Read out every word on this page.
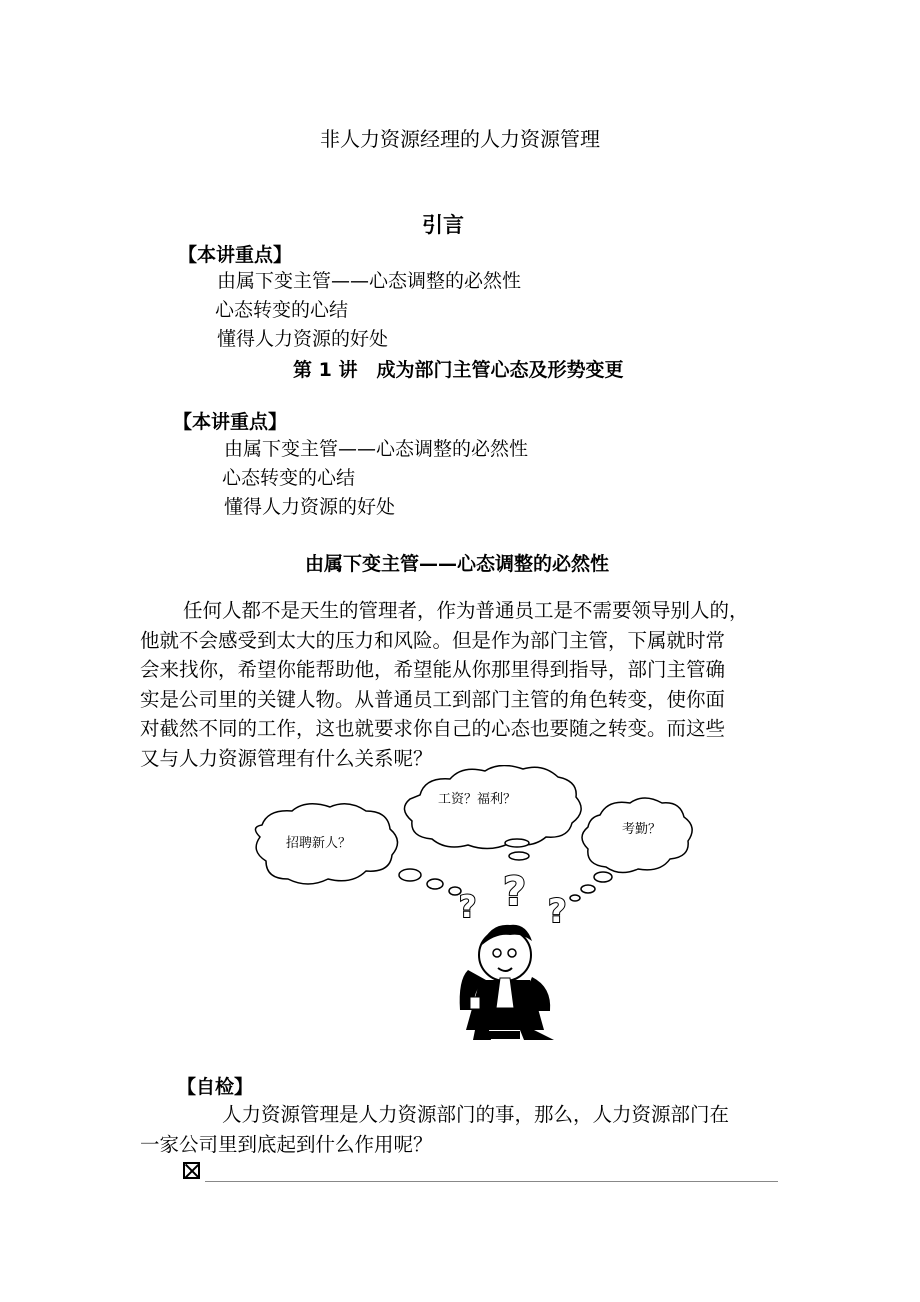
非人力资源经理的人力资源管理
引言
【本讲重点】
由属下变主管——心态调整的必然性
心态转变的心结
懂得人力资源的好处
第 1 讲　成为部门主管心态及形势变更
【本讲重点】
由属下变主管——心态调整的必然性
心态转变的心结
懂得人力资源的好处
由属下变主管——心态调整的必然性
任何人都不是天生的管理者，作为普通员工是不需要领导别人的，
他就不会感受到太大的压力和风险。但是作为部门主管，下属就时常
会来找你，希望你能帮助他，希望能从你那里得到指导，部门主管确
实是公司里的关键人物。从普通员工到部门主管的角色转变，使你面
对截然不同的工作，这也就要求你自己的心态也要随之转变。而这些
又与人力资源管理有什么关系呢？
?
? ?
工资？福利？
招聘新人？
考勤？
【自检】
人力资源管理是人力资源部门的事，那么，人力资源部门在
一家公司里到底起到什么作用呢？
